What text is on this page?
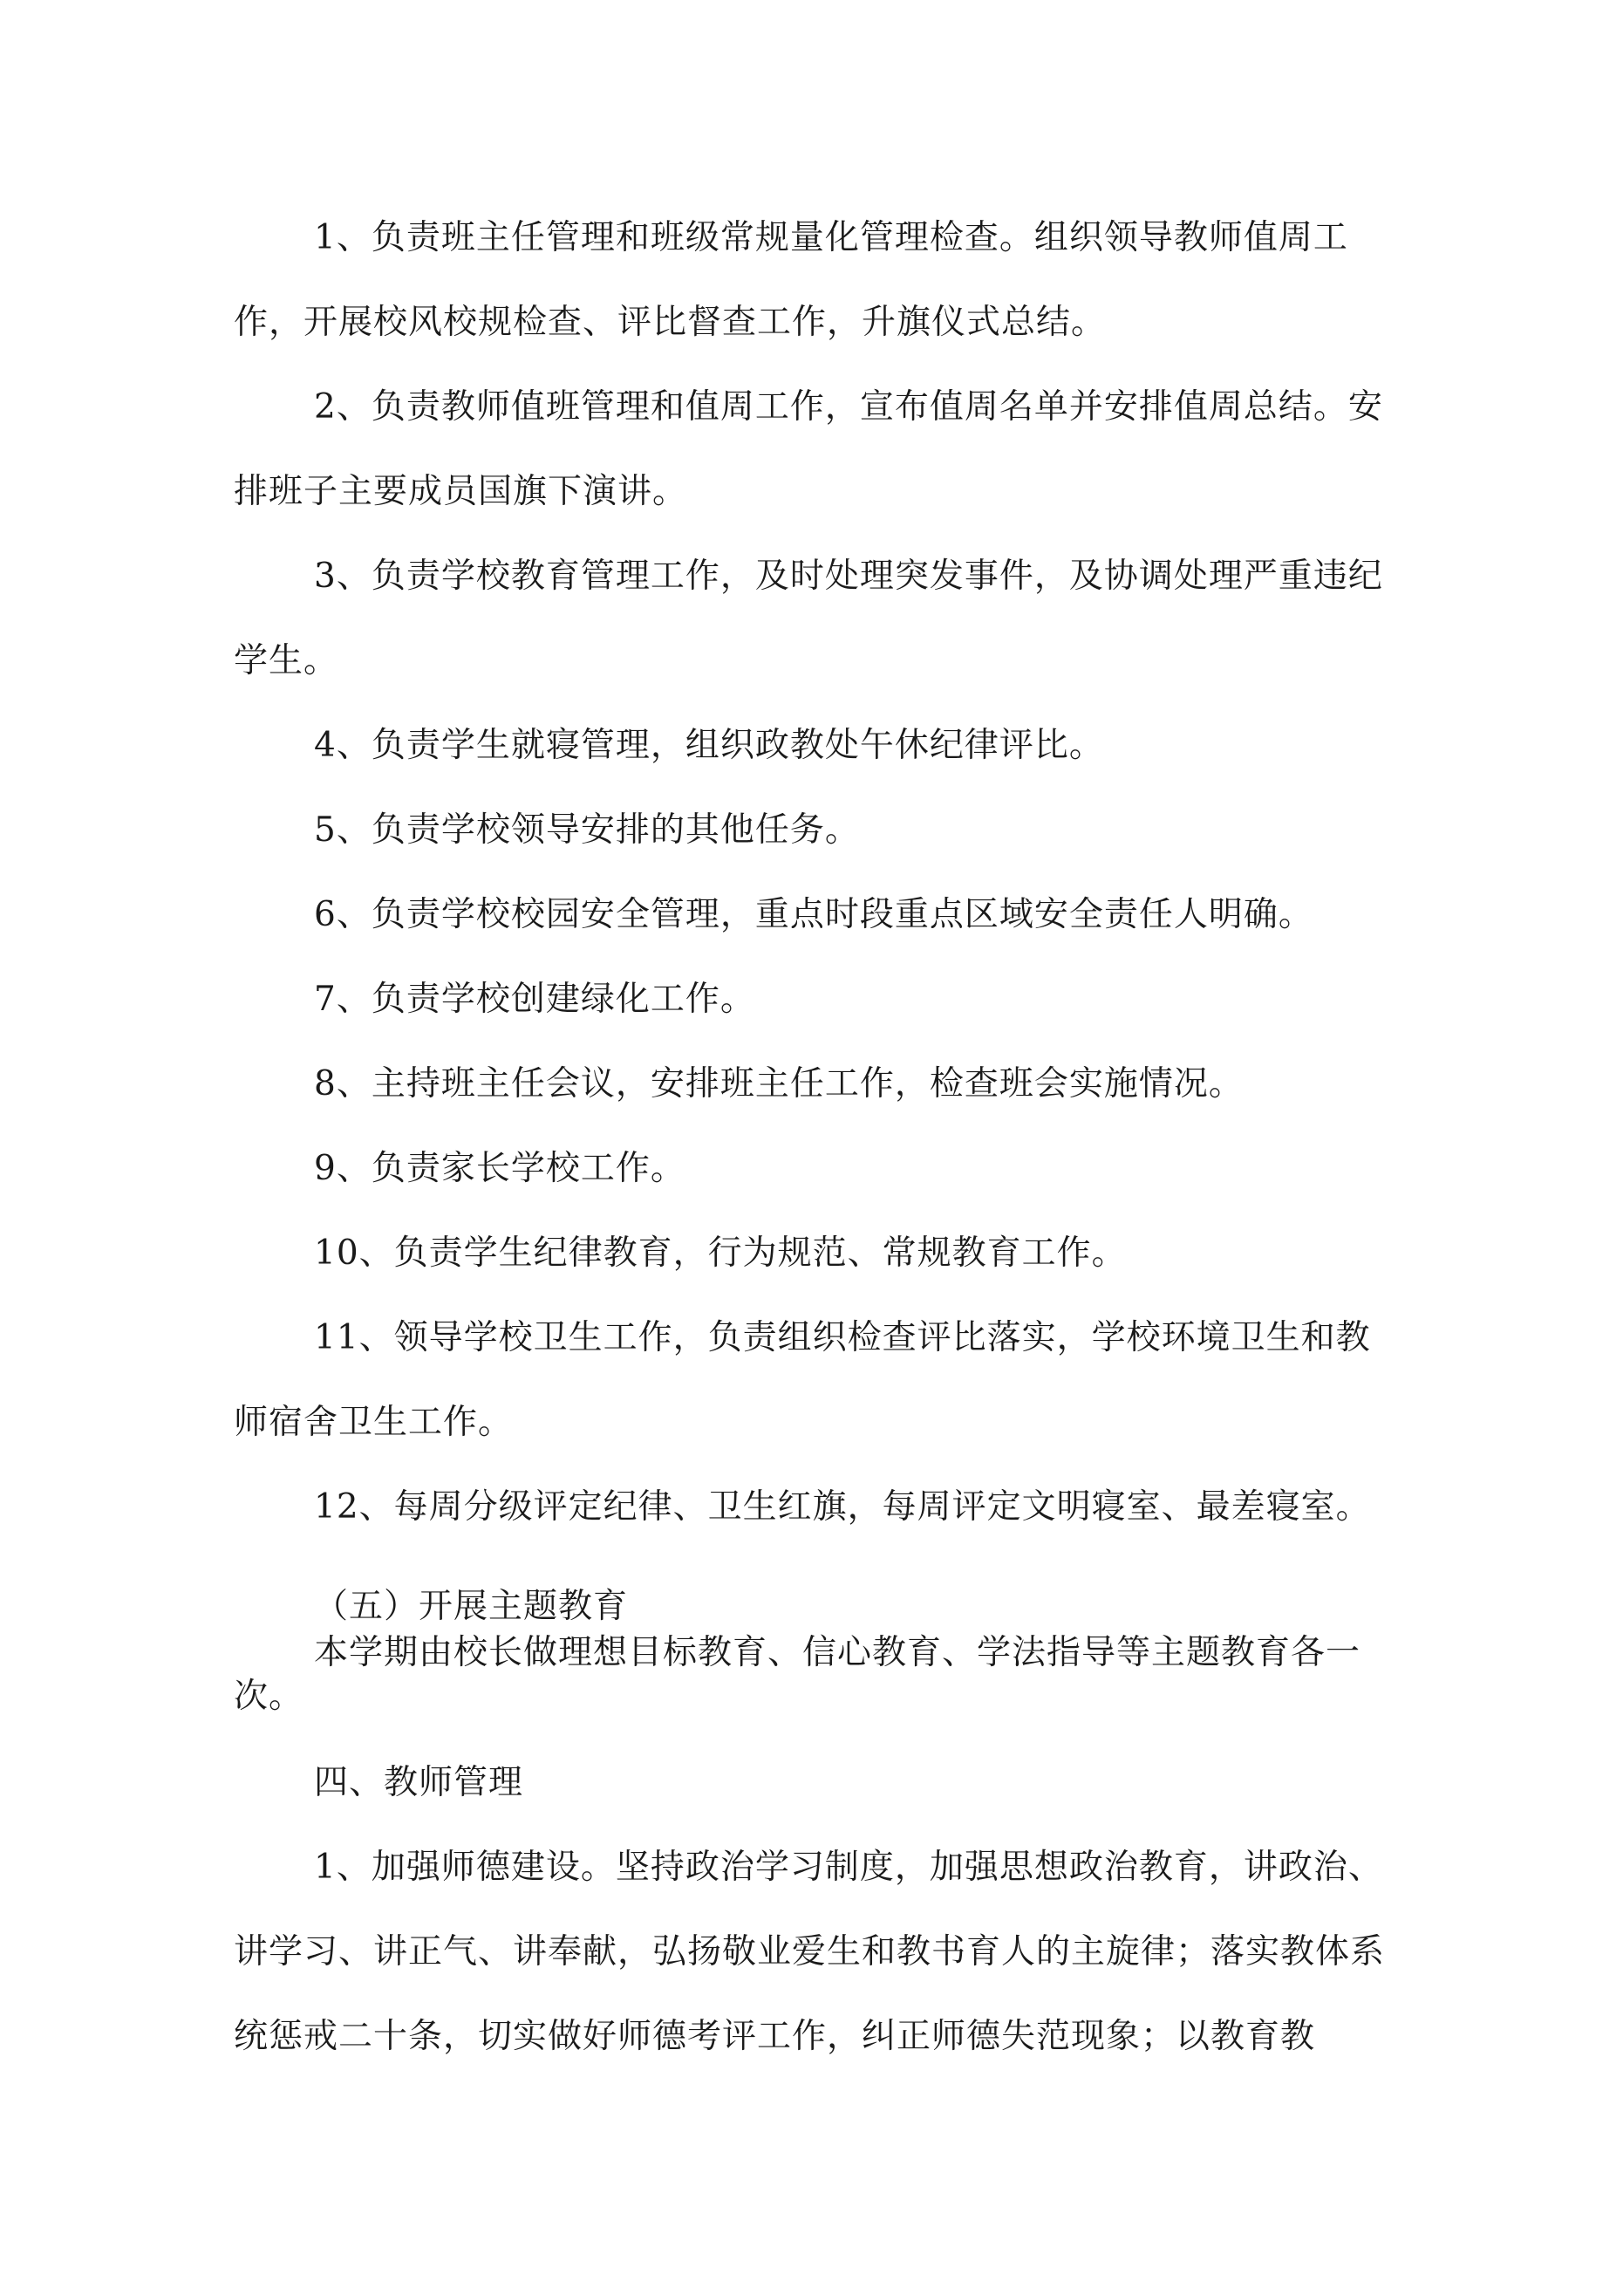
1、负责班主任管理和班级常规量化管理检查。组织领导教师值周工作，开展校风校规检查、评比督查工作，升旗仪式总结。

2、负责教师值班管理和值周工作，宣布值周名单并安排值周总结。安排班子主要成员国旗下演讲。

3、负责学校教育管理工作，及时处理突发事件，及协调处理严重违纪学生。

4、负责学生就寝管理，组织政教处午休纪律评比。

5、负责学校领导安排的其他任务。

6、负责学校校园安全管理，重点时段重点区域安全责任人明确。

7、负责学校创建绿化工作。

8、主持班主任会议，安排班主任工作，检查班会实施情况。

9、负责家长学校工作。

10、负责学生纪律教育，行为规范、常规教育工作。

11、领导学校卫生工作，负责组织检查评比落实，学校环境卫生和教师宿舍卫生工作。

12、每周分级评定纪律、卫生红旗，每周评定文明寝室、最差寝室。

（五）开展主题教育

本学期由校长做理想目标教育、信心教育、学法指导等主题教育各一次。

四、教师管理

1、加强师德建设。坚持政治学习制度，加强思想政治教育，讲政治、讲学习、讲正气、讲奉献，弘扬敬业爱生和教书育人的主旋律；落实教体系统惩戒二十条，切实做好师德考评工作，纠正师德失范现象；以教育教
